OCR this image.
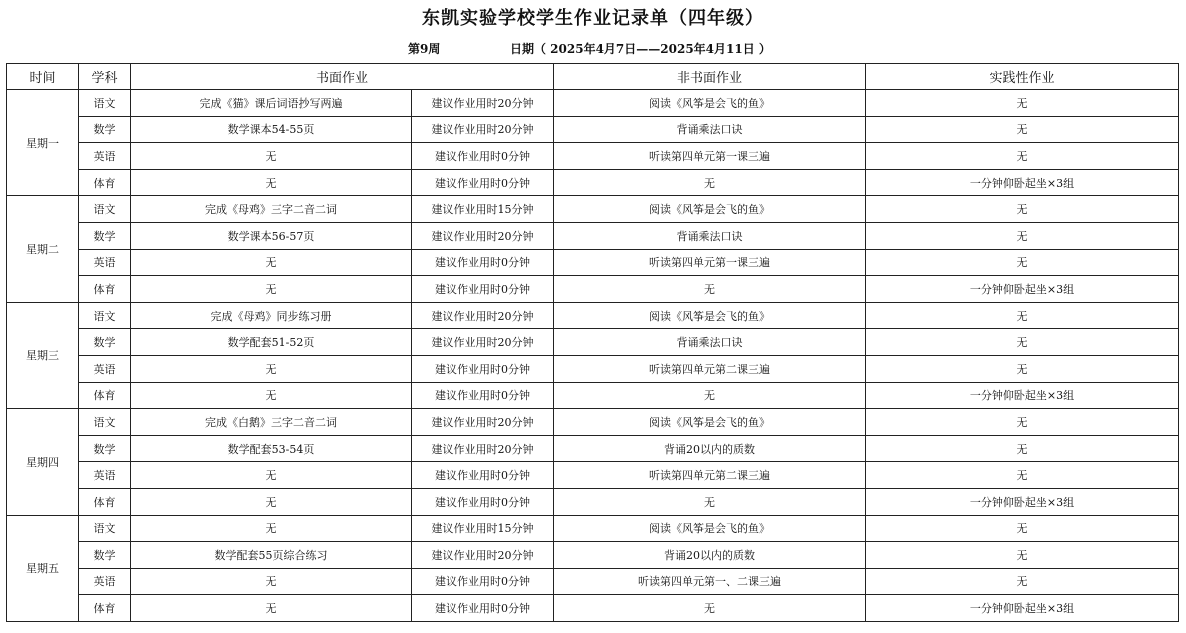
东凯实验学校学生作业记录单（四年级）
第9周	日期（ 2025年4月7日——2025年4月11日 ）
时间	学科	书面作业		非书面作业	实践性作业
星期一	语文	完成《猫》课后词语抄写两遍	建议作业用时20分钟	阅读《风筝是会飞的鱼》	无
	数学	数学课本54-55页	建议作业用时20分钟	背诵乘法口诀	无
	英语	无	建议作业用时0分钟	听读第四单元第一课三遍	无
	体育	无	建议作业用时0分钟	无	一分钟仰卧起坐×3组
星期二	语文	完成《母鸡》三字二音二词	建议作业用时15分钟	阅读《风筝是会飞的鱼》	无
	数学	数学课本56-57页	建议作业用时20分钟	背诵乘法口诀	无
	英语	无	建议作业用时0分钟	听读第四单元第一课三遍	无
	体育	无	建议作业用时0分钟	无	一分钟仰卧起坐×3组
星期三	语文	完成《母鸡》同步练习册	建议作业用时20分钟	阅读《风筝是会飞的鱼》	无
	数学	数学配套51-52页	建议作业用时20分钟	背诵乘法口诀	无
	英语	无	建议作业用时0分钟	听读第四单元第二课三遍	无
	体育	无	建议作业用时0分钟	无	一分钟仰卧起坐×3组
星期四	语文	完成《白鹅》三字二音二词	建议作业用时20分钟	阅读《风筝是会飞的鱼》	无
	数学	数学配套53-54页	建议作业用时20分钟	背诵20以内的质数	无
	英语	无	建议作业用时0分钟	听读第四单元第二课三遍	无
	体育	无	建议作业用时0分钟	无	一分钟仰卧起坐×3组
星期五	语文	无	建议作业用时15分钟	阅读《风筝是会飞的鱼》	无
	数学	数学配套55页综合练习	建议作业用时20分钟	背诵20以内的质数	无
	英语	无	建议作业用时0分钟	听读第四单元第一、二课三遍	无
	体育	无	建议作业用时0分钟	无	一分钟仰卧起坐×3组
